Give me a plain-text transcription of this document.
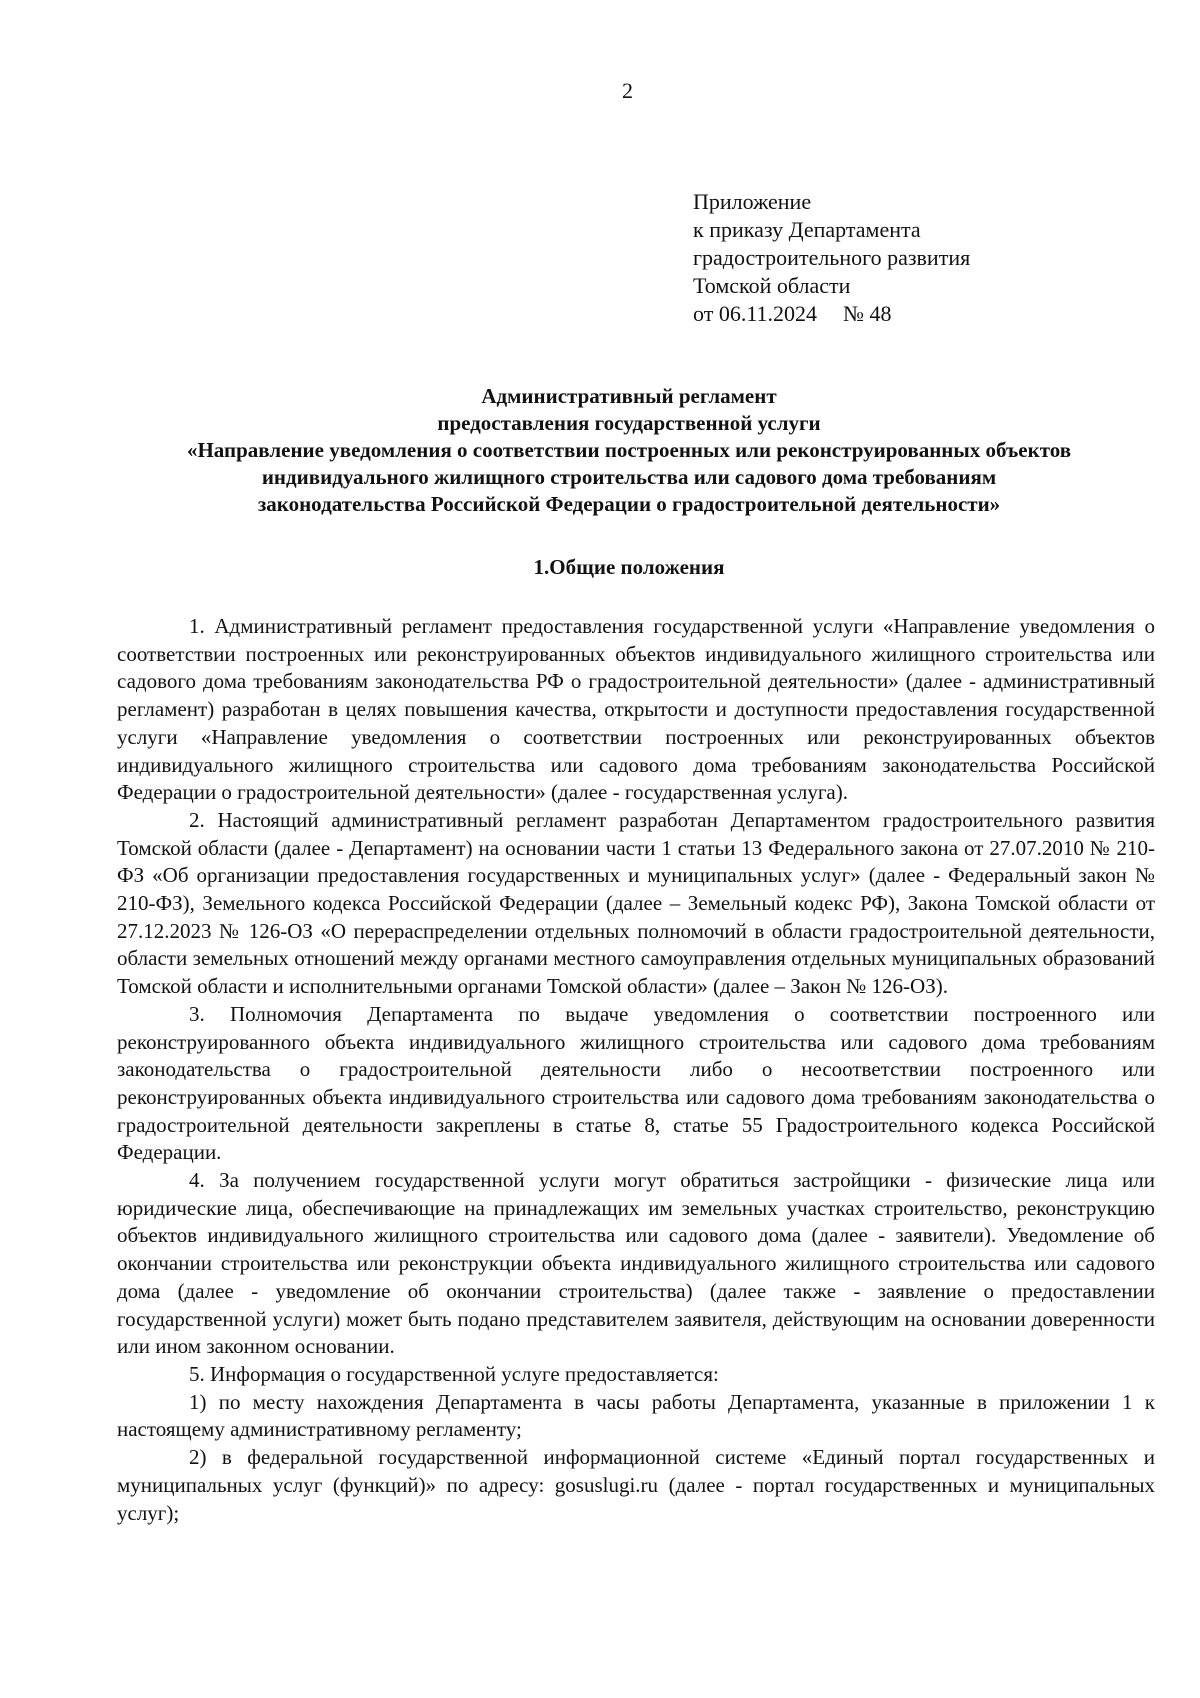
2
Приложение
к приказу Департамента
градостроительного развития
Томской области
от 06.11.2024 № 48
Административный регламент
предоставления государственной услуги
«Направление уведомления о соответствии построенных или реконструированных объектов
индивидуального жилищного строительства или садового дома требованиям
законодательства Российской Федерации о градостроительной деятельности»
1.Общие положения

1. Административный регламент предоставления государственной услуги «Направление уведомления о соответствии построенных или реконструированных объектов индивидуального жилищного строительства или садового дома требованиям законодательства РФ о градостроительной деятельности» (далее - административный регламент) разработан в целях повышения качества, открытости и доступности предоставления государственной услуги «Направление уведомления о соответствии построенных или реконструированных объектов индивидуального жилищного строительства или садового дома требованиям законодательства Российской Федерации о градостроительной деятельности» (далее - государственная услуга).

2. Настоящий административный регламент разработан Департаментом градостроительного развития Томской области (далее - Департамент) на основании части 1 статьи 13 Федерального закона от 27.07.2010 № 210-ФЗ «Об организации предоставления государственных и муниципальных услуг» (далее - Федеральный закон № 210-ФЗ), Земельного кодекса Российской Федерации (далее – Земельный кодекс РФ), Закона Томской области от 27.12.2023 № 126-ОЗ «О перераспределении отдельных полномочий в области градостроительной деятельности, области земельных отношений между органами местного самоуправления отдельных муниципальных образований Томской области и исполнительными органами Томской области» (далее – Закон № 126-ОЗ).

3. Полномочия Департамента по выдаче уведомления о соответствии построенного или реконструированного объекта индивидуального жилищного строительства или садового дома требованиям законодательства о градостроительной деятельности либо о несоответствии построенного или реконструированных объекта индивидуального строительства или садового дома требованиям законодательства о градостроительной деятельности закреплены в статье 8, статье 55 Градостроительного кодекса Российской Федерации.

4. За получением государственной услуги могут обратиться застройщики - физические лица или юридические лица, обеспечивающие на принадлежащих им земельных участках строительство, реконструкцию объектов индивидуального жилищного строительства или садового дома (далее - заявители). Уведомление об окончании строительства или реконструкции объекта индивидуального жилищного строительства или садового дома (далее - уведомление об окончании строительства) (далее также - заявление о предоставлении государственной услуги) может быть подано представителем заявителя, действующим на основании доверенности или ином законном основании.

5. Информация о государственной услуге предоставляется:

1) по месту нахождения Департамента в часы работы Департамента, указанные в приложении 1 к настоящему административному регламенту;

2) в федеральной государственной информационной системе «Единый портал государственных и муниципальных услуг (функций)» по адресу: gosuslugi.ru (далее - портал государственных и муниципальных услуг);
